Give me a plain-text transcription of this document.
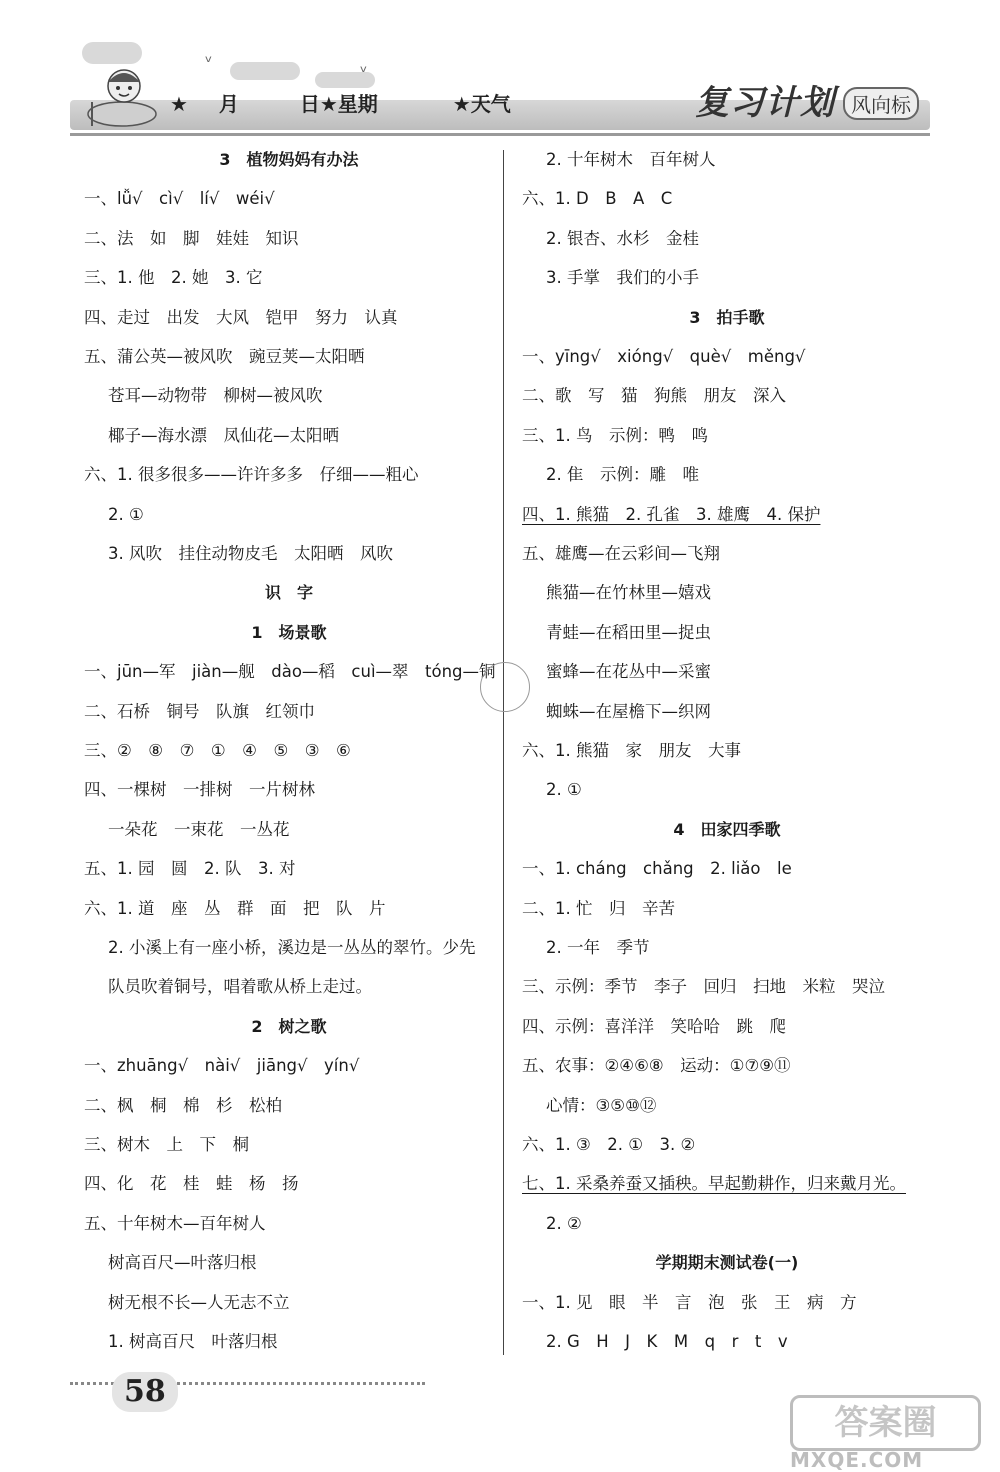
ᵛ	ᵛ
★ 月	日★星期	★天气	复习计划 风向标
3　植物妈妈有办法
一、lǚ√　cì√　lí√　wéi√
二、法　如　脚　娃娃　知识
三、1. 他　2. 她　3. 它
四、走过　出发　大风　铠甲　努力　认真
五、蒲公英—被风吹　豌豆荚—太阳晒
苍耳—动物带　柳树—被风吹
椰子—海水漂　凤仙花—太阳晒
六、1. 很多很多——许许多多　仔细——粗心
2. ①
3. 风吹　挂住动物皮毛　太阳晒　风吹
识　字
1　场景歌
一、jūn—军　jiàn—舰　dào—稻　cuì—翠　tóng—铜
二、石桥　铜号　队旗　红领巾
三、②　⑧　⑦　①　④　⑤　③　⑥
四、一棵树　一排树　一片树林
一朵花　一束花　一丛花
五、1. 园　圆　2. 队　3. 对
六、1. 道　座　丛　群　面　把　队　片
2. 小溪上有一座小桥，溪边是一丛丛的翠竹。少先
队员吹着铜号，唱着歌从桥上走过。
2　树之歌
一、zhuāng√　nài√　jiāng√　yín√
二、枫　桐　棉　杉　松柏
三、树木　上　下　桐
四、化　花　桂　蛙　杨　扬
五、十年树木—百年树人
树高百尺—叶落归根
树无根不长—人无志不立
1. 树高百尺　叶落归根
2. 十年树木　百年树人
六、1. D　B　A　C
2. 银杏、水杉　金桂
3. 手掌　我们的小手
3　拍手歌
一、yīng√　xióng√　què√　měng√
二、歌　写　猫　狗熊　朋友　深入
三、1. 鸟　示例：鸭　鸣
2. 隹　示例：雕　唯
四、1. 熊猫　2. 孔雀　3. 雄鹰　4. 保护
五、雄鹰—在云彩间—飞翔
熊猫—在竹林里—嬉戏
青蛙—在稻田里—捉虫
蜜蜂—在花丛中—采蜜
蜘蛛—在屋檐下—织网
六、1. 熊猫　家　朋友　大事
2. ①
4　田家四季歌
一、1. cháng　chǎng　2. liǎo　le
二、1. 忙　归　辛苦
2. 一年　季节
三、示例：季节　李子　回归　扫地　米粒　哭泣
四、示例：喜洋洋　笑哈哈　跳　爬
五、农事：②④⑥⑧　运动：①⑦⑨⑪
心情：③⑤⑩⑫
六、1. ③　2. ①　3. ②
七、1. 采桑养蚕又插秧。早起勤耕作，归来戴月光。
2. ②
学期期末测试卷(一)
一、1. 见　眼　半　言　泡　张　王　病　方
2. G　H　J　K　M　q　r　t　v
58
答案圈
MXQE.COM
